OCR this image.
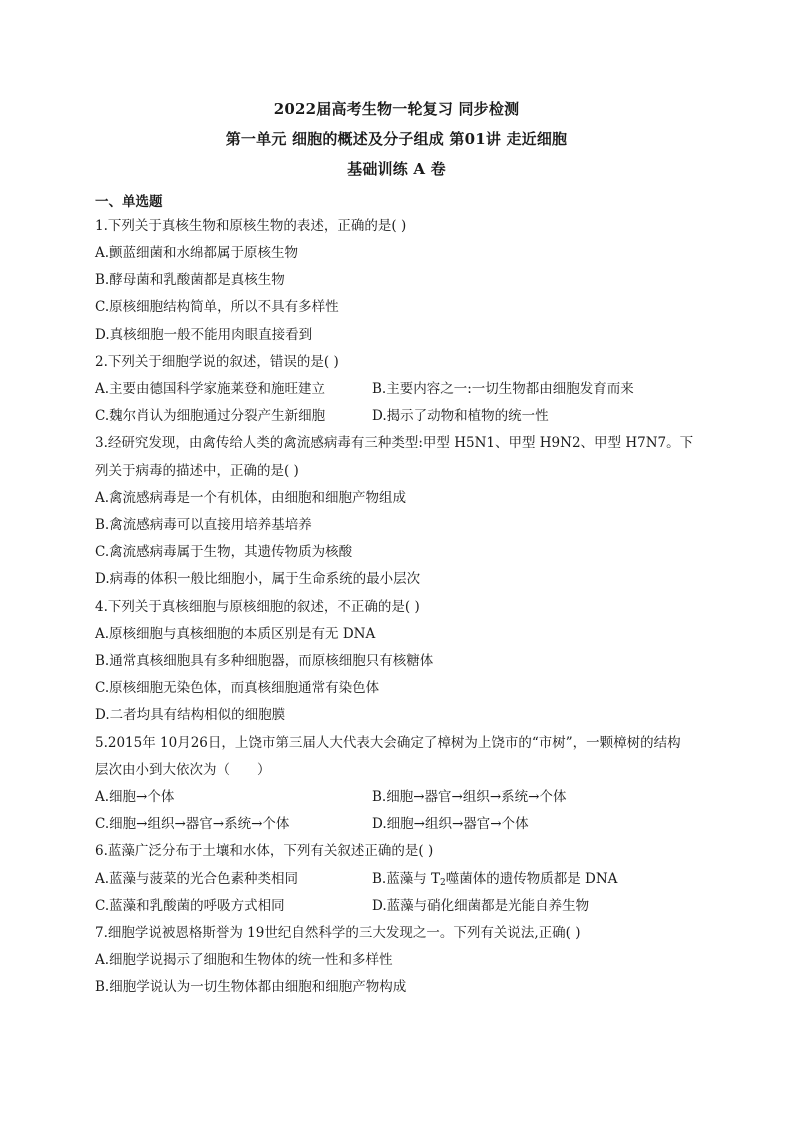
2022届高考生物一轮复习 同步检测
第一单元 细胞的概述及分子组成 第01讲 走近细胞
基础训练 A 卷
一、单选题
1.下列关于真核生物和原核生物的表述，正确的是( )
A.颤蓝细菌和水绵都属于原核生物
B.酵母菌和乳酸菌都是真核生物
C.原核细胞结构简单，所以不具有多样性
D.真核细胞一般不能用肉眼直接看到
2.下列关于细胞学说的叙述，错误的是( )
A.主要由德国科学家施莱登和施旺建立	B.主要内容之一:一切生物都由细胞发育而来
C.魏尔肖认为细胞通过分裂产生新细胞	D.揭示了动物和植物的统一性
3.经研究发现，由禽传给人类的禽流感病毒有三种类型:甲型 H5N1、甲型 H9N2、甲型 H7N7。下
列关于病毒的描述中，正确的是( )
A.禽流感病毒是一个有机体，由细胞和细胞产物组成
B.禽流感病毒可以直接用培养基培养
C.禽流感病毒属于生物，其遗传物质为核酸
D.病毒的体积一般比细胞小，属于生命系统的最小层次
4.下列关于真核细胞与原核细胞的叙述，不正确的是( )
A.原核细胞与真核细胞的本质区别是有无 DNA
B.通常真核细胞具有多种细胞器，而原核细胞只有核糖体
C.原核细胞无染色体，而真核细胞通常有染色体
D.二者均具有结构相似的细胞膜
5.2015年 10月26日，上饶市第三届人大代表大会确定了樟树为上饶市的“市树”，一颗樟树的结构
层次由小到大依次为（　　）
A.细胞→个体	B.细胞→器官→组织→系统→个体
C.细胞→组织→器官→系统→个体	D.细胞→组织→器官→个体
6.蓝藻广泛分布于土壤和水体，下列有关叙述正确的是( )
A.蓝藻与菠菜的光合色素种类相同	B.蓝藻与 $T_2$噬菌体的遗传物质都是 DNA
C.蓝藻和乳酸菌的呼吸方式相同	D.蓝藻与硝化细菌都是光能自养生物
7.细胞学说被恩格斯誉为 19世纪自然科学的三大发现之一。下列有关说法,正确( )
A.细胞学说揭示了细胞和生物体的统一性和多样性
B.细胞学说认为一切生物体都由细胞和细胞产物构成
